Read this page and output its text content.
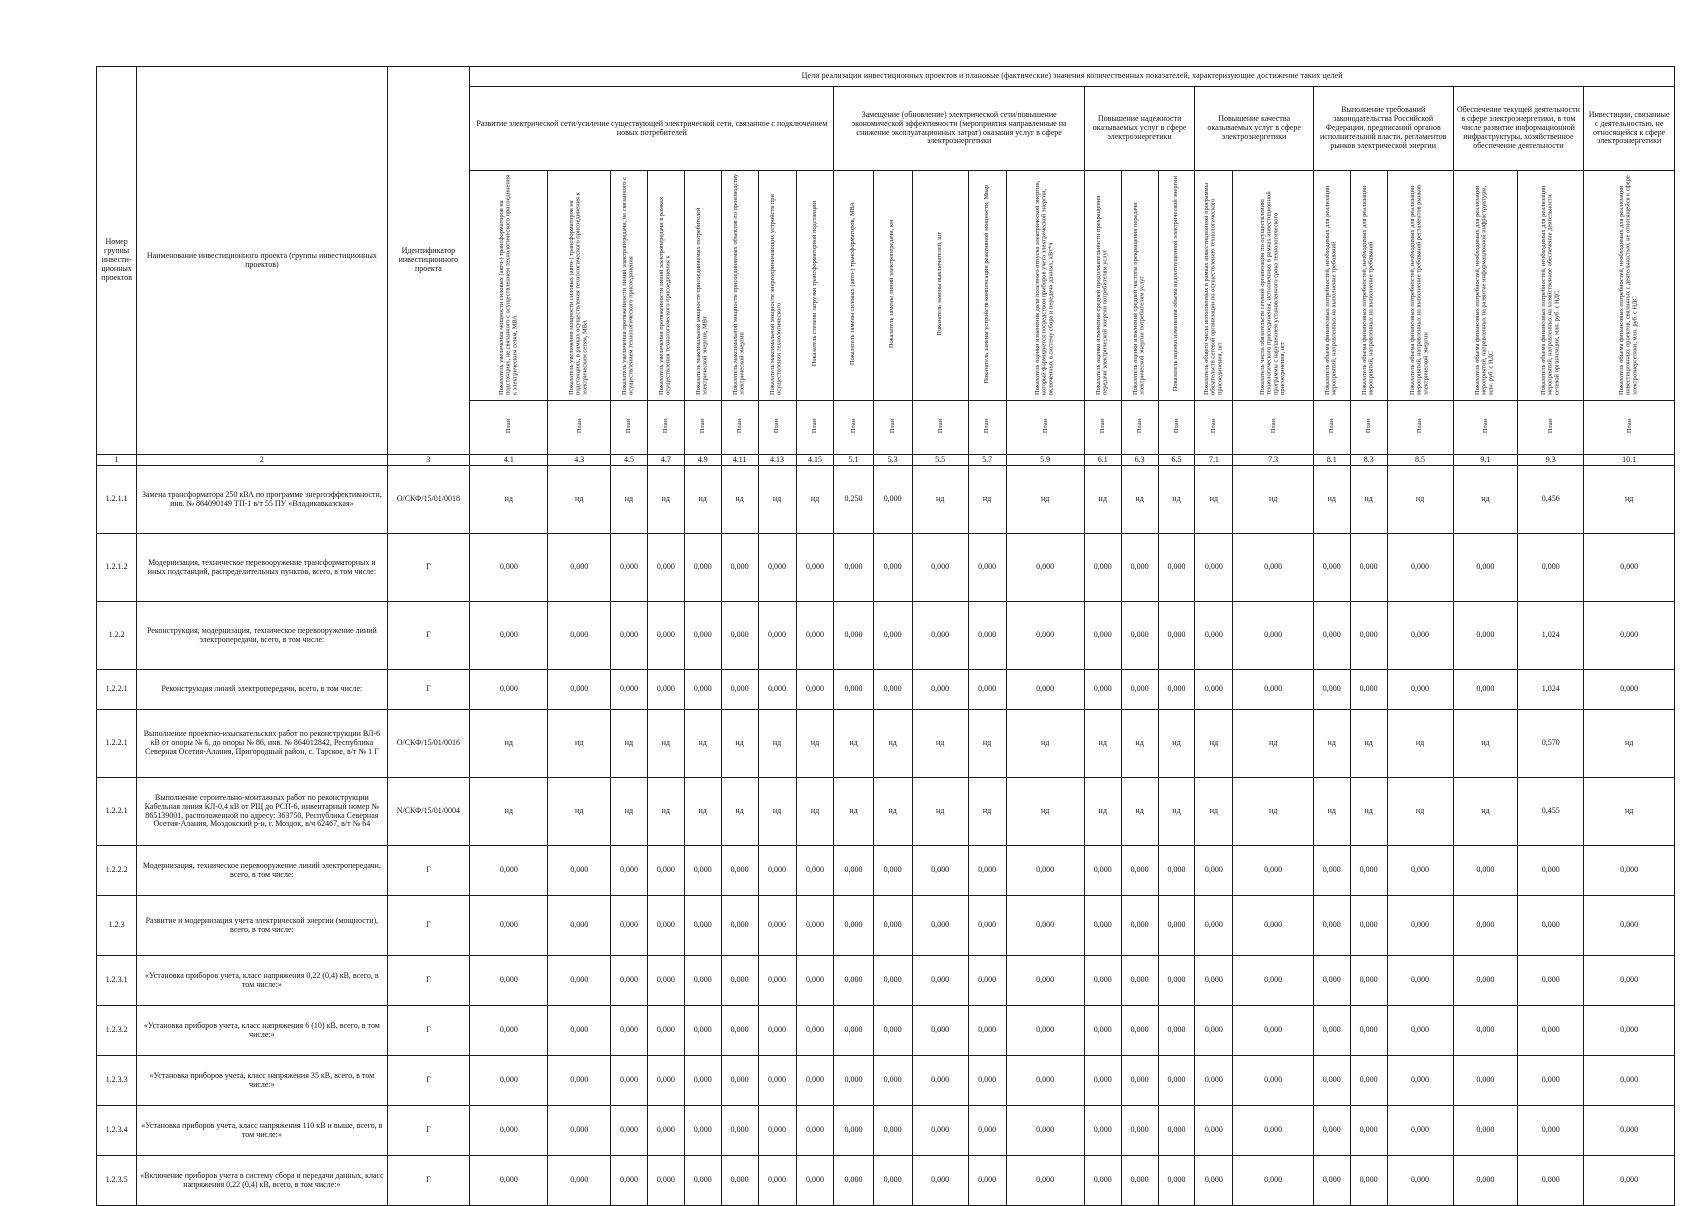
Номер группы инвести-ционных проектов	Наименование инвестиционного проекта (группы инвестиционных проектов)	Идентификатор инвестиционного проекта	Цели реализации инвестиционных проектов и плановые (фактические) значения количественных показателей, характеризующие достижение таких целей																							
			Развитие электрической сети/усиление существующей электрической сети, связанное с подключением новых потребителей								Замещение (обновление) электрической сети/повышение экономической эффективности (мероприятия направленные на снижение эксплуатационных затрат) оказания услуг в сфере электроэнергетики					Повышение надежности оказываемых услуг в сфере электроэнергетики			Повышение качества оказываемых услуг в сфере электроэнергетики		Выполнение требований законодательства Российской Федерации, предписаний органов исполнительной власти, регламентов рынков электрической энергии			Обеспечение текущей деятельности в сфере электроэнергетики, в том числе развитие информационной инфраструктуры, хозяйственное обеспечение деятельности		Инвестиции, связанные с деятельностью, не относящейся к сфере электроэнергетики
			Показатель увеличения мощности силовых (авто-) трансформаторов на подстанциях, не связанного с осуществлением технологического присоединения к электрическим сетям, МВА	Показатель увеличения мощности силовых (авто-) трансформаторов на подстанциях, в рамках осуществления технологического присоединения к электрическим сетям, МВА	Показатель увеличения протяженности линий электропередачи, не связанного с осуществлением технологического присоединения	Показатель увеличения протяженности линий электропередачи в рамках осуществления технологического присоединения к	Показатель максимальной мощности присоединяемых потребителей электрической энергии, МВт	Показатель максимальной мощности присоединяемых объектов по производству электрической энергии	Показатель максимальной мощности энергопринимающих устройств при осуществлении технологического	Показатель степени загрузки трансформаторной подстанции	Показатель замены силовых (авто-) трансформаторов, МВА	Показатель замены линий электропередачи, км	Показатель замены выключателей, шт	Показатель замены устройств компенсации реактивной мощности, Мвар	Показатель оценки изменения доли полезного отпуска электрической энергии, который формируется посредством приборов учета электрической энергии, включенных в систему сбора и передачи данных, кВт*ч	Показатель оценки изменения средней продолжительности прекращения передачи электрической энергии потребителям услуг	Показатель оценки изменения средней частоты прекращения передачи электрической энергии потребителям услуг	Показатель оценки изменения объема недоотпущенной электрической энергии	Показатель общего числа исполненных в рамках инвестиционной программы обязательств сетевой организации по осуществлению технологического присоединения, шт	Показатель числа обязательств сетевой организации по осуществлению технологического присоединения, исполненных в рамках инвестиционной программы с нарушением установленного срока технологического присоединения, шт	Показатель объема финансовых потребностей, необходимых для реализации мероприятий, направленных на выполнение требований	Показатель объема финансовых потребностей, необходимых для реализации мероприятий, направленных на выполнение требований	Показатель объема финансовых потребностей, необходимых для реализации мероприятий, направленных на выполнение требований регламентов рынков электрической энергии	Показатель объема финансовых потребностей, необходимых для реализации мероприятий, направленных на развитие информационной инфраструктуры, млн. руб. с НДС	Показатель объема финансовых потребностей, необходимых для реализации мероприятий, направленных на хозяйственное обеспечение деятельности сетевой организации, млн. руб. с НДС	Показатель объема финансовых потребностей, необходимых для реализации инвестиционных проектов, связанных с деятельностью, не относящейся к сфере электроэнергетики, млн. руб. с НДС
			План	План	План	План	План	План	План	План	План	План	План	План	План	План	План	План	План	План	План	План	План	План	План	План
1	2	3	4.1	4.3	4.5	4.7	4.9	4.11	4.13	4.15	5.1	5.3	5.5	5.7	5.9	6.1	6.3	6.5	7.1	7.3	8.1	8.3	8.5	9.1	9.3	10.1
1.2.1.1	Замена трансформатора 250 кВА по программе энергоэффективности, инв. № 864090149 ТП-1 в/т 55 ПУ «Владикавказская»	О/СКФ/15/01/0018	нд	нд	нд	нд	нд	нд	нд	нд	0,250	0,000	нд	нд	нд	нд	нд	нд	нд	нд	нд	нд	нд	нд	0,456	нд
1.2.1.2	Модернизация, техническое перевооружение трансформаторных и иных подстанций, распределительных пунктов, всего, в том числе:	Г	0,000	0,000	0,000	0,000	0,000	0,000	0,000	0,000	0,000	0,000	0,000	0,000	0,000	0,000	0,000	0,000	0,000	0,000	0,000	0,000	0,000	0,000	0,000	0,000
1.2.2	Реконструкция, модернизация, техническое перевооружение линий электропередачи, всего, в том числе:	Г	0,000	0,000	0,000	0,000	0,000	0,000	0,000	0,000	0,000	0,000	0,000	0,000	0,000	0,000	0,000	0,000	0,000	0,000	0,000	0,000	0,000	0,000	1,024	0,000
1.2.2.1	Реконструкция линий электропередачи, всего, в том числе:	Г	0,000	0,000	0,000	0,000	0,000	0,000	0,000	0,000	0,000	0,000	0,000	0,000	0,000	0,000	0,000	0,000	0,000	0,000	0,000	0,000	0,000	0,000	1,024	0,000
1.2.2.1	Выполнение проектно-изыскательских работ по реконструкции ВЛ-6 кВ от опоры № 6, до опоры № 86, инв. № 864012842, Республика Северная Осетия-Алания, Пригородный район, с. Тарское, в/т № 1 Г	О/СКФ/15/01/0016	нд	нд	нд	нд	нд	нд	нд	нд	нд	нд	нд	нд	нд	нд	нд	нд	нд	нд	нд	нд	нд	нд	0,570	нд
1.2.2.1	Выполнение строительно-монтажных работ по реконструкции Кабельная линия КЛ-0,4 кВ от РЩ до РСП-6, инвентарный номер № 865139001, расположенной по адресу: 363750, Республика Северная Осетия-Алания, Моздокский р-н, г. Моздок, в/ч 62467, в/т № 64	N/СКФ/15/01/0004	нд	нд	нд	нд	нд	нд	нд	нд	нд	нд	нд	нд	нд	нд	нд	нд	нд	нд	нд	нд	нд	нд	0,455	нд
1.2.2.2	Модернизация, техническое перевооружение линий электропередачи, всего, в том числе:	Г	0,000	0,000	0,000	0,000	0,000	0,000	0,000	0,000	0,000	0,000	0,000	0,000	0,000	0,000	0,000	0,000	0,000	0,000	0,000	0,000	0,000	0,000	0,000	0,000
1.2.3	Развитие и модернизация учета электрической энергии (мощности), всего, в том числе:	Г	0,000	0,000	0,000	0,000	0,000	0,000	0,000	0,000	0,000	0,000	0,000	0,000	0,000	0,000	0,000	0,000	0,000	0,000	0,000	0,000	0,000	0,000	0,000	0,000
1.2.3.1	«Установка приборов учета, класс напряжения 0,22 (0,4) кВ, всего, в том числе:»	Г	0,000	0,000	0,000	0,000	0,000	0,000	0,000	0,000	0,000	0,000	0,000	0,000	0,000	0,000	0,000	0,000	0,000	0,000	0,000	0,000	0,000	0,000	0,000	0,000
1.2.3.2	«Установка приборов учета, класс напряжения 6 (10) кВ, всего, в том числе:»	Г	0,000	0,000	0,000	0,000	0,000	0,000	0,000	0,000	0,000	0,000	0,000	0,000	0,000	0,000	0,000	0,000	0,000	0,000	0,000	0,000	0,000	0,000	0,000	0,000
1.2.3.3	«Установка приборов учета, класс напряжения 35 кВ, всего, в том числе:»	Г	0,000	0,000	0,000	0,000	0,000	0,000	0,000	0,000	0,000	0,000	0,000	0,000	0,000	0,000	0,000	0,000	0,000	0,000	0,000	0,000	0,000	0,000	0,000	0,000
1.2.3.4	«Установка приборов учета, класс напряжения 110 кВ и выше, всего, в том числе:»	Г	0,000	0,000	0,000	0,000	0,000	0,000	0,000	0,000	0,000	0,000	0,000	0,000	0,000	0,000	0,000	0,000	0,000	0,000	0,000	0,000	0,000	0,000	0,000	0,000
1.2.3.5	«Включение приборов учета в систему сбора и передачи данных, класс напряжения 0,22 (0,4) кВ, всего, в том числе:»	Г	0,000	0,000	0,000	0,000	0,000	0,000	0,000	0,000	0,000	0,000	0,000	0,000	0,000	0,000	0,000	0,000	0,000	0,000	0,000	0,000	0,000	0,000	0,000	0,000
